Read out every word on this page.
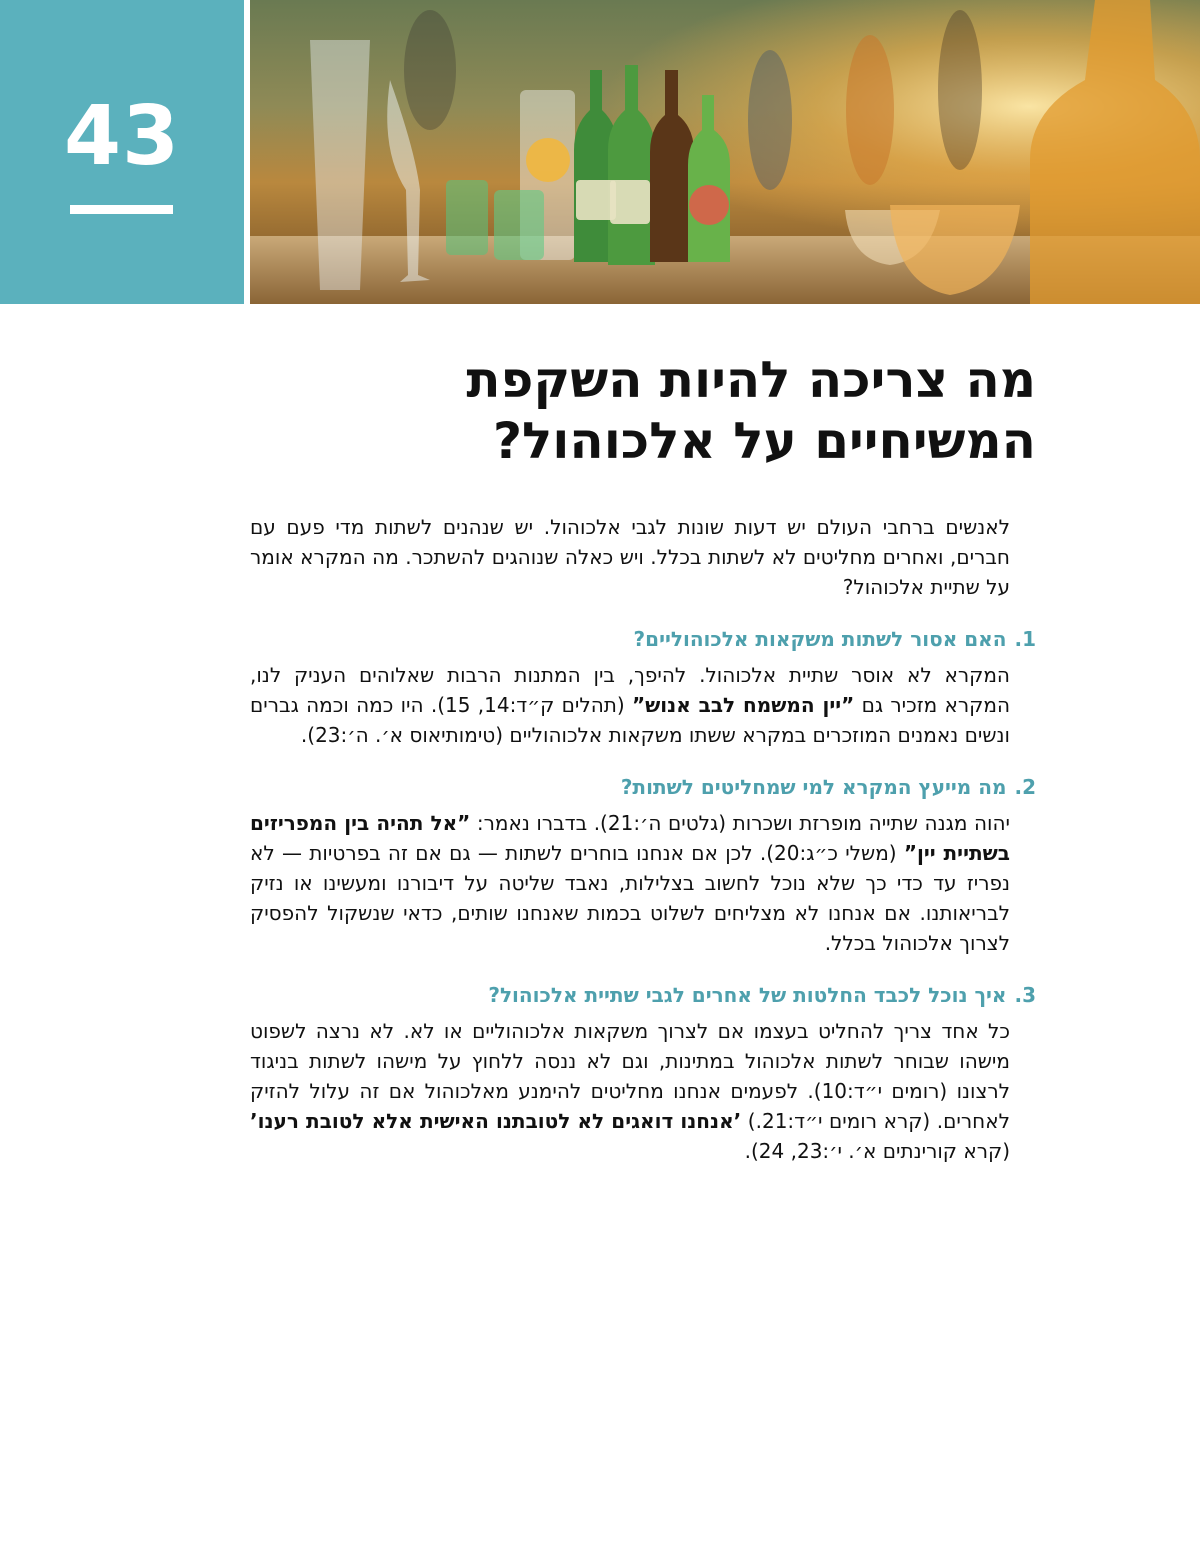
43
מה צריכה להיות השקפת
המשיחיים על אלכוהול?

לאנשים ברחבי העולם יש דעות שונות לגבי אלכוהול. יש שנהנים לשתות מדי פעם עם חברים, ואחרים מחליטים לא לשתות בכלל. ויש כאלה שנוהגים להשתכר. מה המקרא אומר על שתיית אלכוהול?

1.האם אסור לשתות משקאות אלכוהוליים?

המקרא לא אוסר שתיית אלכוהול. להיפך, בין המתנות הרבות שאלוהים העניק לנו, המקרא מזכיר גם ”יין המשמח לבב אנוש” (תהלים ק״ד:14, 15). היו כמה וכמה גברים ונשים נאמנים המוזכרים במקרא ששתו משקאות אלכוהוליים (טימותיאוס א׳. ה׳:23).

2.מה מייעץ המקרא למי שמחליטים לשתות?

יהוה מגנה שתייה מופרזת ושכרות (גלטים ה׳:21). בדברו נאמר: ”אל תהיה בין המפריזים בשתיית יין” (משלי כ״ג:20). לכן אם אנחנו בוחרים לשתות — גם אם זה בפרטיות — לא נפריז עד כדי כך שלא נוכל לחשוב בצלילות, נאבד שליטה על דיבורנו ומעשינו או נזיק לבריאותנו. אם אנחנו לא מצליחים לשלוט בכמות שאנחנו שותים, כדאי שנשקול להפסיק לצרוך אלכוהול בכלל.

3.איך נוכל לכבד החלטות של אחרים לגבי שתיית אלכוהול?

כל אחד צריך להחליט בעצמו אם לצרוך משקאות אלכוהוליים או לא. לא נרצה לשפוט מישהו שבוחר לשתות אלכוהול במתינות, וגם לא ננסה ללחוץ על מישהו לשתות בניגוד לרצונו (רומים י״ד:10). לפעמים אנחנו מחליטים להימנע מאלכוהול אם זה עלול להזיק לאחרים. (קרא רומים י״ד:21.) ’אנחנו דואגים לא לטובתנו האישית אלא לטובת רענו’ (קרא קורינתים א׳. י׳:23, 24).
